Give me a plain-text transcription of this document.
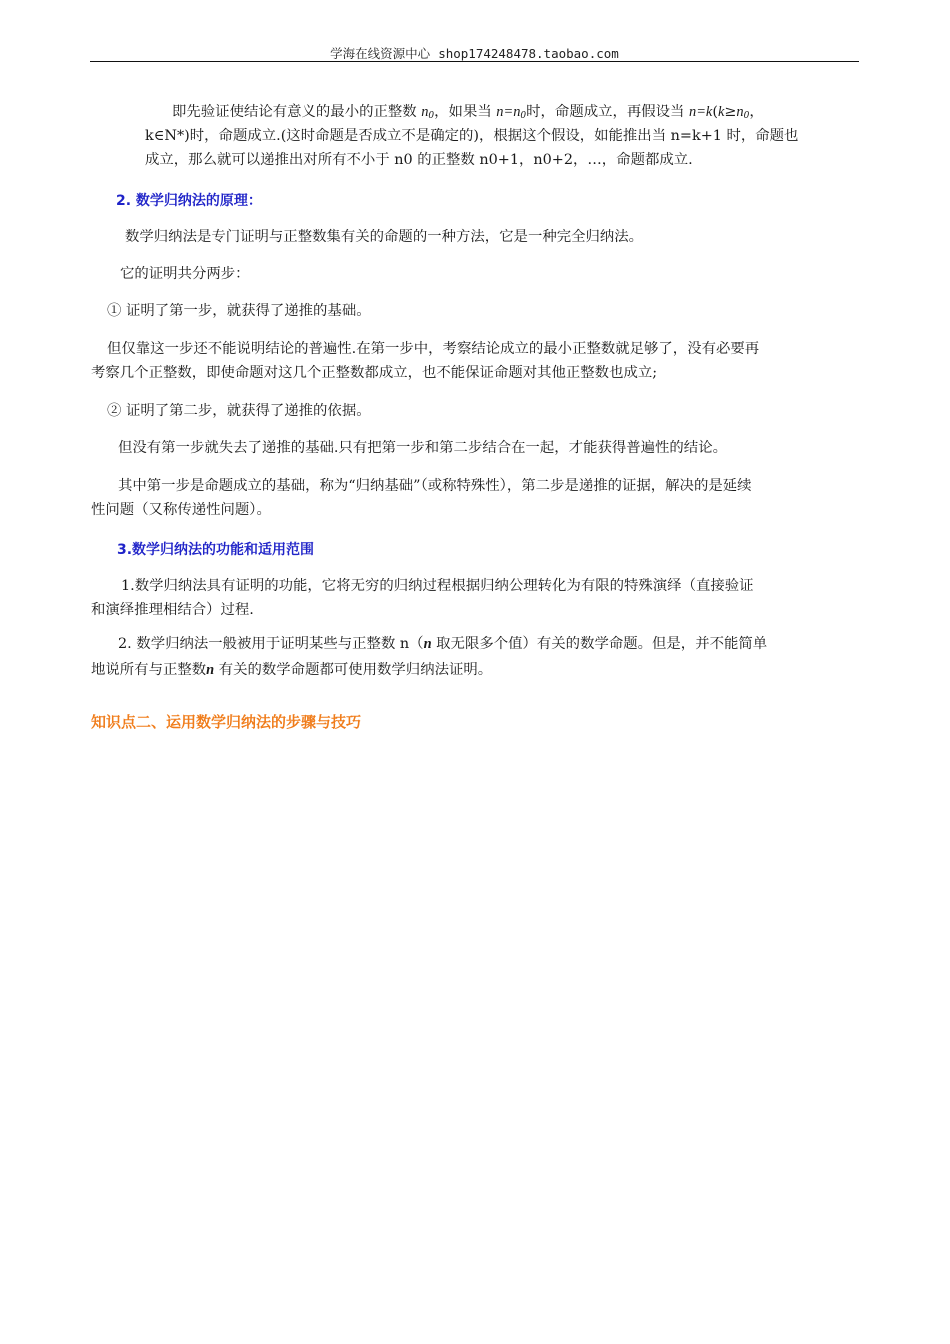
学海在线资源中心 shop174248478.taobao.com

即先验证使结论有意义的最小的正整数 $n_0$，如果当 $n=n_0$时，命题成立，再假设当 $n=k(k\ge n_0$，

k∈N*)时，命题成立.(这时命题是否成立不是确定的)，根据这个假设，如能推出当 n=k+1 时，命题也

成立，那么就可以递推出对所有不小于 n0 的正整数 n0+1，n0+2，…，命题都成立.

2. 数学归纳法的原理：

数学归纳法是专门证明与正整数集有关的命题的一种方法，它是一种完全归纳法。

它的证明共分两步：

① 证明了第一步，就获得了递推的基础。

但仅靠这一步还不能说明结论的普遍性.在第一步中，考察结论成立的最小正整数就足够了，没有必要再

考察几个正整数，即使命题对这几个正整数都成立，也不能保证命题对其他正整数也成立;

② 证明了第二步，就获得了递推的依据。

但没有第一步就失去了递推的基础.只有把第一步和第二步结合在一起，才能获得普遍性的结论。

其中第一步是命题成立的基础，称为“归纳基础”（或称特殊性），第二步是递推的证据，解决的是延续

性问题（又称传递性问题）。

3.数学归纳法的功能和适用范围

1.数学归纳法具有证明的功能，它将无穷的归纳过程根据归纳公理转化为有限的特殊演绎（直接验证

和演绎推理相结合）过程.

2. 数学归纳法一般被用于证明某些与正整数 n（n 取无限多个值）有关的数学命题。但是，并不能简单

地说所有与正整数n 有关的数学命题都可使用数学归纳法证明。

知识点二、运用数学归纳法的步骤与技巧
